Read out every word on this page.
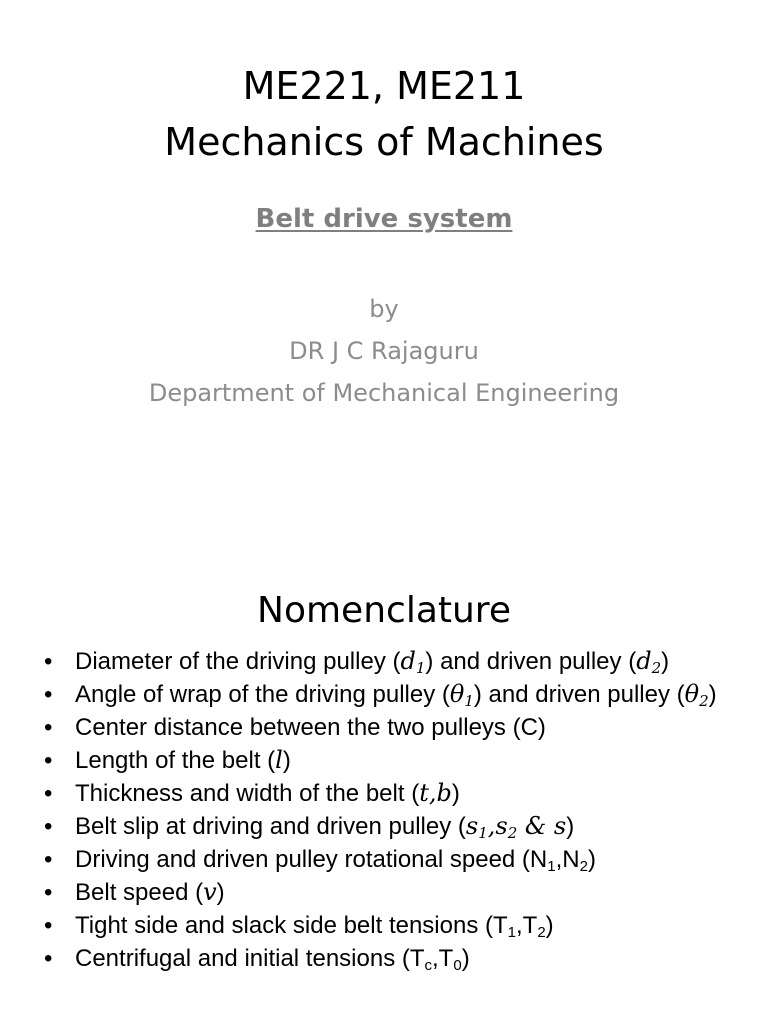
ME221, ME211
Mechanics of Machines
Belt drive system
by
DR J C Rajaguru
Department of Mechanical Engineering
Nomenclature
• Diameter of the driving pulley $(d_1)$ and driven pulley $(d_2)$
• Angle of wrap of the driving pulley $(\theta_1)$ and driven pulley $(\theta_2)$
• Center distance between the two pulleys (C)
• Length of the belt (l)
• Thickness and width of the belt (t,b)
• Belt slip at driving and driven pulley ($s_1,s_2$ & s)
• Driving and driven pulley rotational speed $(N_1,N_2)$
• Belt speed (v)
• Tight side and slack side belt tensions $(T_1,T_2)$
• Centrifugal and initial tensions $(T_c,T_0)$
